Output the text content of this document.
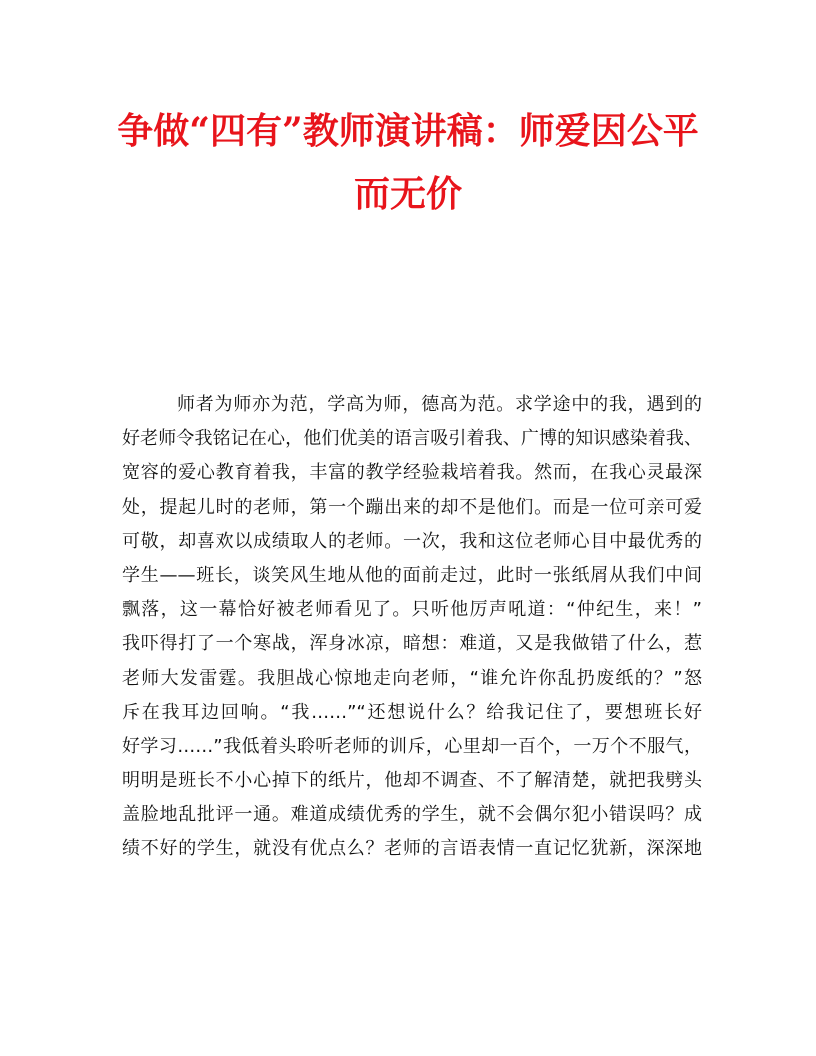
争做“四有”教师演讲稿：师爱因公平
而无价
师者为师亦为范，学高为师，德高为范。求学途中的我，遇到的
好老师令我铭记在心，他们优美的语言吸引着我、广博的知识感染着我、
宽容的爱心教育着我，丰富的教学经验栽培着我。然而，在我心灵最深
处，提起儿时的老师，第一个蹦出来的却不是他们。而是一位可亲可爱
可敬，却喜欢以成绩取人的老师。一次，我和这位老师心目中最优秀的
学生——班长，谈笑风生地从他的面前走过，此时一张纸屑从我们中间
飘落，这一幕恰好被老师看见了。只听他厉声吼道：“仲纪生，来！”
我吓得打了一个寒战，浑身冰凉，暗想：难道，又是我做错了什么，惹
老师大发雷霆。我胆战心惊地走向老师，“谁允许你乱扔废纸的？”怒
斥在我耳边回响。“我……”“还想说什么？给我记住了，要想班长好
好学习……”我低着头聆听老师的训斥，心里却一百个，一万个不服气，
明明是班长不小心掉下的纸片，他却不调查、不了解清楚，就把我劈头
盖脸地乱批评一通。难道成绩优秀的学生，就不会偶尔犯小错误吗？成
绩不好的学生，就没有优点么？老师的言语表情一直记忆犹新，深深地
